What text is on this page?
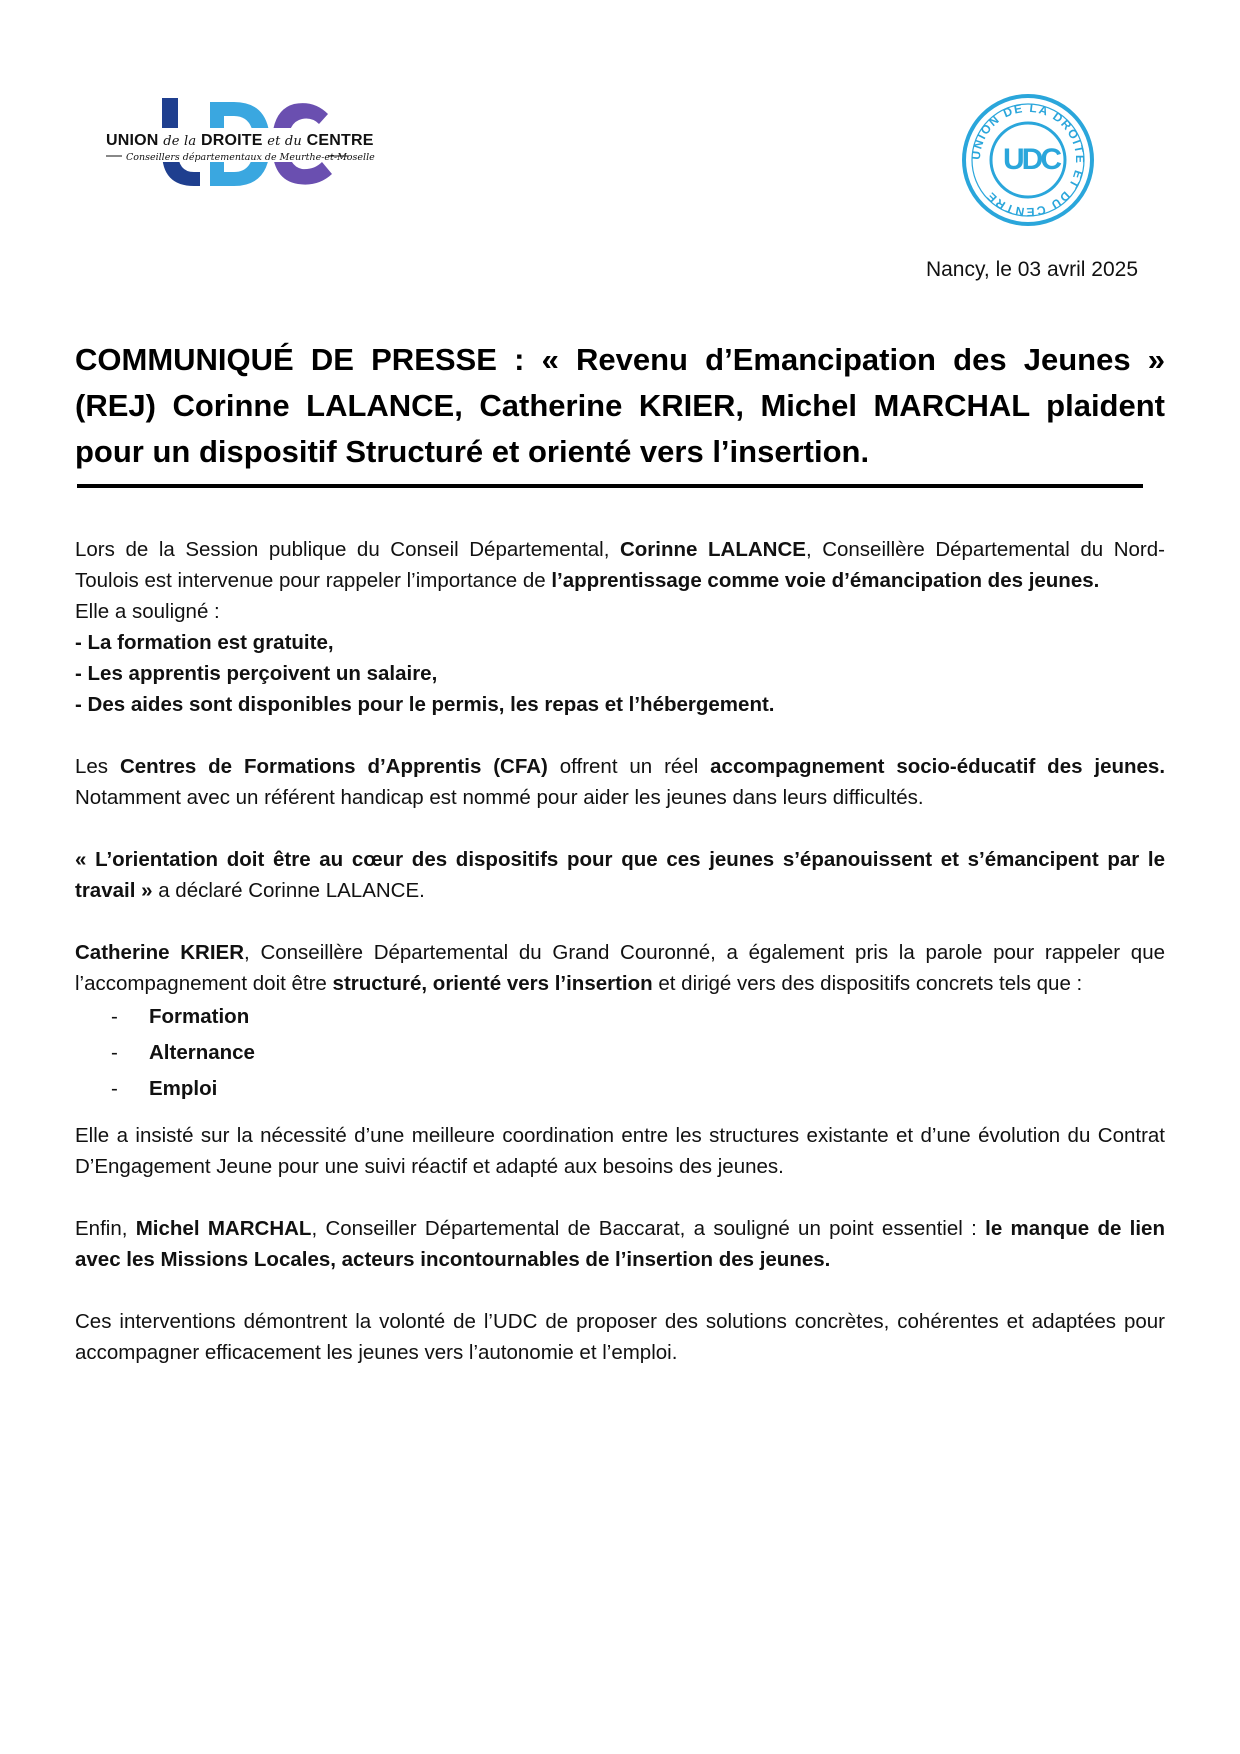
UNION de la DROITE et du CENTRE
Conseillers départementaux de Meurthe-et-Moselle	UNION DE LA DROITE ET DU CENTRE
UDC
Nancy, le 03 avril 2025
COMMUNIQUÉ DE PRESSE : « Revenu d’Emancipation des Jeunes » (REJ) Corinne LALANCE, Catherine KRIER, Michel MARCHAL plaident pour un dispositif Structuré et orienté vers l’insertion.

Lors de la Session publique du Conseil Départemental, Corinne LALANCE, Conseillère Départemental du Nord-Toulois est intervenue pour rappeler l’importance de l’apprentissage comme voie d’émancipation des jeunes.

Elle a souligné :

- La formation est gratuite,

- Les apprentis perçoivent un salaire,

- Des aides sont disponibles pour le permis, les repas et l’hébergement.

Les Centres de Formations d’Apprentis (CFA) offrent un réel accompagnement socio-éducatif des jeunes. Notamment avec un référent handicap est nommé pour aider les jeunes dans leurs difficultés.

« L’orientation doit être au cœur des dispositifs pour que ces jeunes s’épanouissent et s’émancipent par le travail » a déclaré Corinne LALANCE.

Catherine KRIER, Conseillère Départemental du Grand Couronné, a également pris la parole pour rappeler que l’accompagnement doit être structuré, orienté vers l’insertion et dirigé vers des dispositifs concrets tels que :

- Formation
- Alternance
- Emploi

Elle a insisté sur la nécessité d’une meilleure coordination entre les structures existante et d’une évolution du Contrat D’Engagement Jeune pour une suivi réactif et adapté aux besoins des jeunes.

Enfin, Michel MARCHAL, Conseiller Départemental de Baccarat, a souligné un point essentiel : le manque de lien avec les Missions Locales, acteurs incontournables de l’insertion des jeunes.

Ces interventions démontrent la volonté de l’UDC de proposer des solutions concrètes, cohérentes et adaptées pour accompagner efficacement les jeunes vers l’autonomie et l’emploi.
